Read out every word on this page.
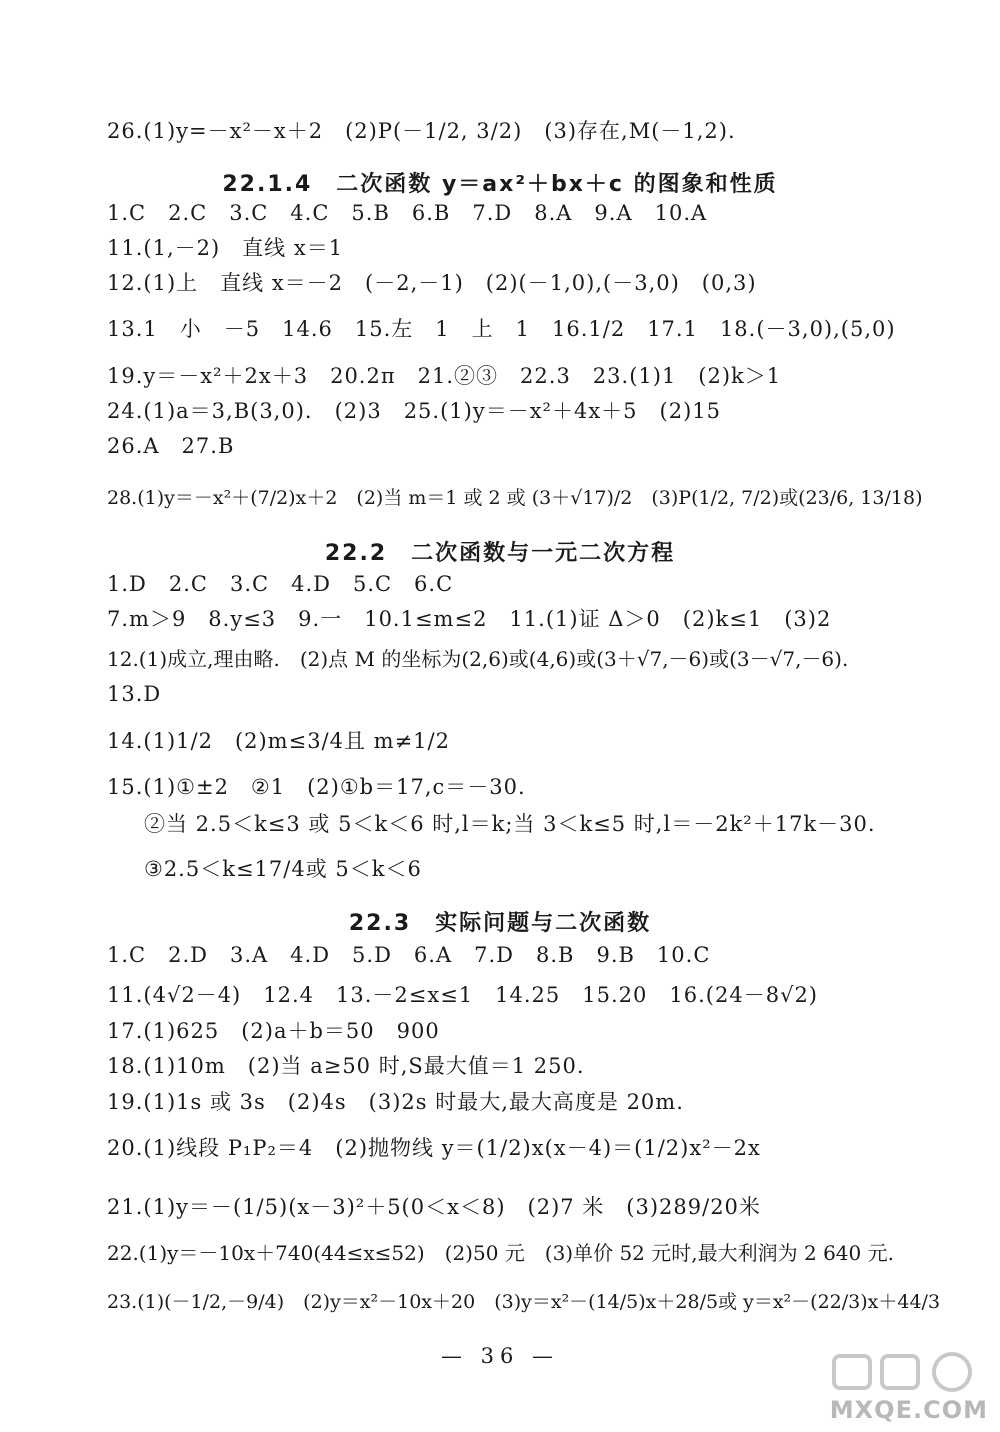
26.(1)y=－x²－x＋2　(2)P(－1/2, 3/2)　(3)存在,M(－1,2).
22.1.4　二次函数 y＝ax²＋bx＋c 的图象和性质
1.C　2.C　3.C　4.C　5.B　6.B　7.D　8.A　9.A　10.A
11.(1,－2)　直线 x＝1
12.(1)上　直线 x＝－2　(－2,－1)　(2)(－1,0),(－3,0)　(0,3)
13.1　小　－5　14.6　15.左　1　上　1　16.1/2　17.1　18.(－3,0),(5,0)
19.y＝－x²＋2x＋3　20.2π　21.②③　22.3　23.(1)1　(2)k＞1
24.(1)a＝3,B(3,0).　(2)3　25.(1)y＝－x²＋4x＋5　(2)15
26.A　27.B
28.(1)y＝－x²＋(7/2)x＋2　(2)当 m＝1 或 2 或 (3＋√17)/2　(3)P(1/2, 7/2)或(23/6, 13/18)
22.2　二次函数与一元二次方程
1.D　2.C　3.C　4.D　5.C　6.C
7.m＞9　8.y≤3　9.一　10.1≤m≤2　11.(1)证 Δ＞0　(2)k≤1　(3)2
12.(1)成立,理由略.　(2)点 M 的坐标为(2,6)或(4,6)或(3＋√7,－6)或(3－√7,－6).
13.D
14.(1)1/2　(2)m≤3/4且 m≠1/2
15.(1)①±2　②1　(2)①b＝17,c＝－30.
②当 2.5＜k≤3 或 5＜k＜6 时,l＝k;当 3＜k≤5 时,l＝－2k²＋17k－30.
③2.5＜k≤17/4或 5＜k＜6
22.3　实际问题与二次函数
1.C　2.D　3.A　4.D　5.D　6.A　7.D　8.B　9.B　10.C
11.(4√2－4)　12.4　13.－2≤x≤1　14.25　15.20　16.(24－8√2)
17.(1)625　(2)a＋b＝50　900
18.(1)10m　(2)当 a≥50 时,S最大值＝1 250.
19.(1)1s 或 3s　(2)4s　(3)2s 时最大,最大高度是 20m.
20.(1)线段 P₁P₂＝4　(2)抛物线 y＝(1/2)x(x－4)＝(1/2)x²－2x
21.(1)y＝－(1/5)(x－3)²＋5(0＜x＜8)　(2)7 米　(3)289/20米
22.(1)y＝－10x＋740(44≤x≤52)　(2)50 元　(3)单价 52 元时,最大利润为 2 640 元.
23.(1)(－1/2,－9/4)　(2)y＝x²－10x＋20　(3)y＝x²－(14/5)x＋28/5或 y＝x²－(22/3)x＋44/3
— 36 —
MXQE.COM
